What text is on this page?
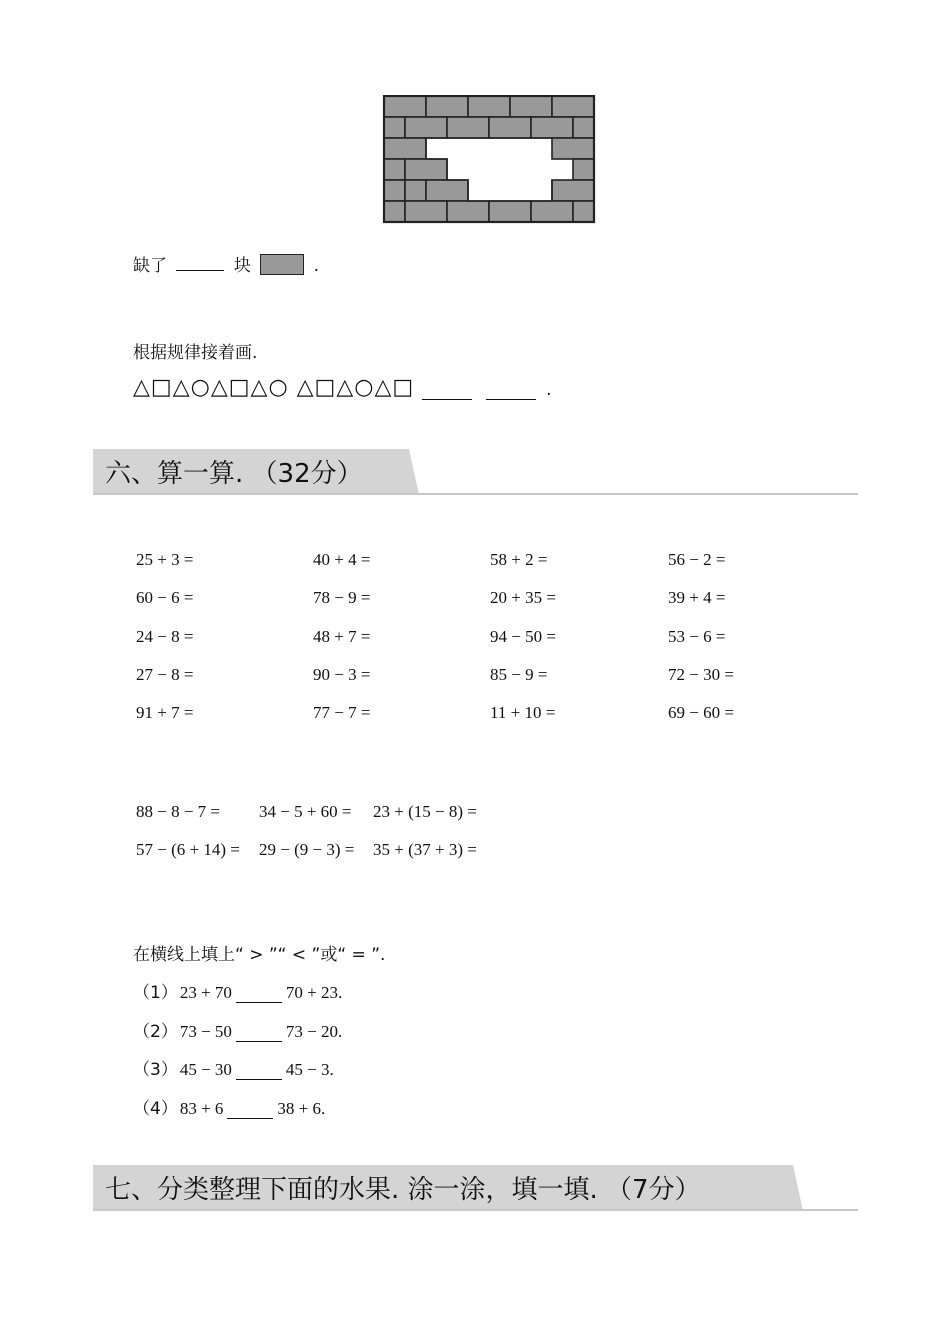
缺了	块	.
根据规律接着画.
△□△○△□△○ △□△○△□	.
六、算一算. （32分）
25 + 3 =	40 + 4 =	58 + 2 =	56 − 2 =
60 − 6 =	78 − 9 =	20 + 35 =	39 + 4 =
24 − 8 =	48 + 7 =	94 − 50 =	53 − 6 =
27 − 8 =	90 − 3 =	85 − 9 =	72 − 30 =
91 + 7 =	77 − 7 =	11 + 10 =	69 − 60 =
88 − 8 − 7 = 34 − 5 + 60 = 23 + (15 − 8) =
57 − (6 + 14) = 29 − (9 − 3) = 35 + (37 + 3) =
在横线上填上“ > ”“ < ”或“ = ”.
（1） 23 + 70	70 + 23.
（2） 73 − 50	73 − 20.
（3） 45 − 30	45 − 3.
（4） 83 + 6	38 + 6.
七、分类整理下面的水果. 涂一涂，填一填. （7分）
